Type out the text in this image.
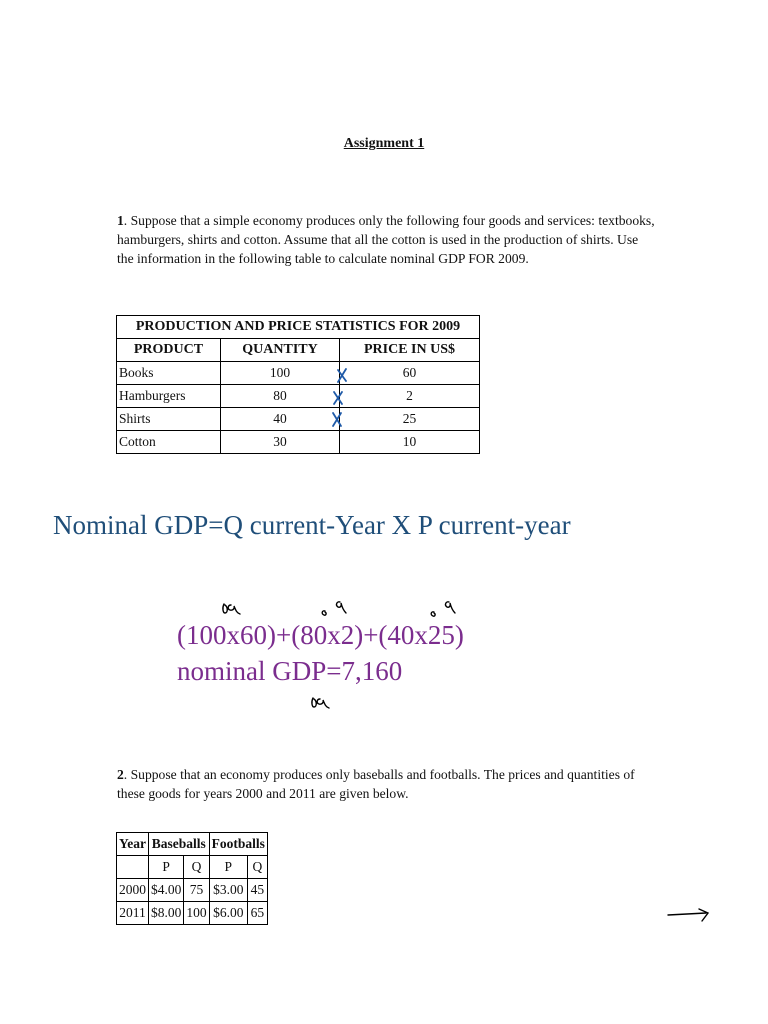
Assignment 1
1. Suppose that a simple economy produces only the following four goods and services: textbooks, hamburgers, shirts and cotton. Assume that all the cotton is used in the production of shirts. Use the information in the following table to calculate nominal GDP FOR 2009.
PRODUCTION AND PRICE STATISTICS FOR 2009		
PRODUCT	QUANTITY	PRICE IN US$
Books	100	60
Hamburgers	80	2
Shirts	40	25
Cotton	30	10
Nominal GDP=Q current-Year X P current-year
(100x60)+(80x2)+(40x25)
nominal GDP=7,160
2. Suppose that an economy produces only baseballs and footballs. The prices and quantities of these goods for years 2000 and 2011 are given below.
Year	Baseballs		Footballs	
	P	Q	P	Q
2000	$4.00	75	$3.00	45
2011	$8.00	100	$6.00	65
